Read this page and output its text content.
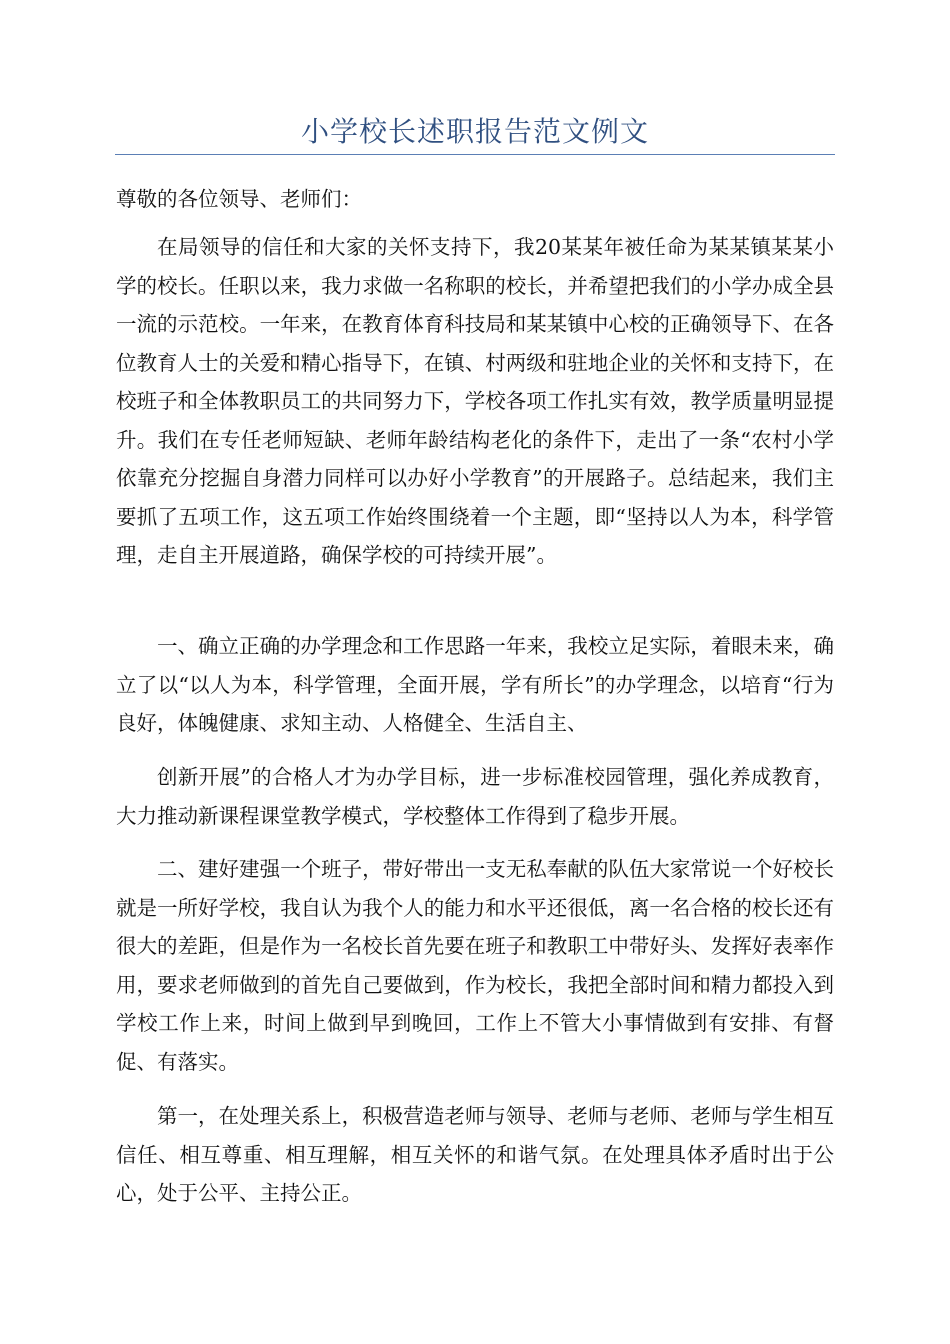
小学校长述职报告范文例文
尊敬的各位领导、老师们：
在局领导的信任和大家的关怀支持下，我20某某年被任命为某某镇某某小学的校长。任职以来，我力求做一名称职的校长，并希望把我们的小学办成全县一流的示范校。一年来，在教育体育科技局和某某镇中心校的正确领导下、在各位教育人士的关爱和精心指导下，在镇、村两级和驻地企业的关怀和支持下，在校班子和全体教职员工的共同努力下，学校各项工作扎实有效，教学质量明显提升。我们在专任老师短缺、老师年龄结构老化的条件下，走出了一条“农村小学依靠充分挖掘自身潜力同样可以办好小学教育”的开展路子。总结起来，我们主要抓了五项工作，这五项工作始终围绕着一个主题，即“坚持以人为本，科学管理，走自主开展道路，确保学校的可持续开展”。
一、确立正确的办学理念和工作思路一年来，我校立足实际，着眼未来，确立了以“以人为本，科学管理，全面开展，学有所长”的办学理念，以培育“行为良好，体魄健康、求知主动、人格健全、生活自主、
创新开展”的合格人才为办学目标，进一步标准校园管理，强化养成教育，大力推动新课程课堂教学模式，学校整体工作得到了稳步开展。
二、建好建强一个班子，带好带出一支无私奉献的队伍大家常说一个好校长就是一所好学校，我自认为我个人的能力和水平还很低，离一名合格的校长还有很大的差距，但是作为一名校长首先要在班子和教职工中带好头、发挥好表率作用，要求老师做到的首先自己要做到，作为校长，我把全部时间和精力都投入到学校工作上来，时间上做到早到晚回，工作上不管大小事情做到有安排、有督促、有落实。
第一，在处理关系上，积极营造老师与领导、老师与老师、老师与学生相互信任、相互尊重、相互理解，相互关怀的和谐气氛。在处理具体矛盾时出于公心，处于公平、主持公正。
